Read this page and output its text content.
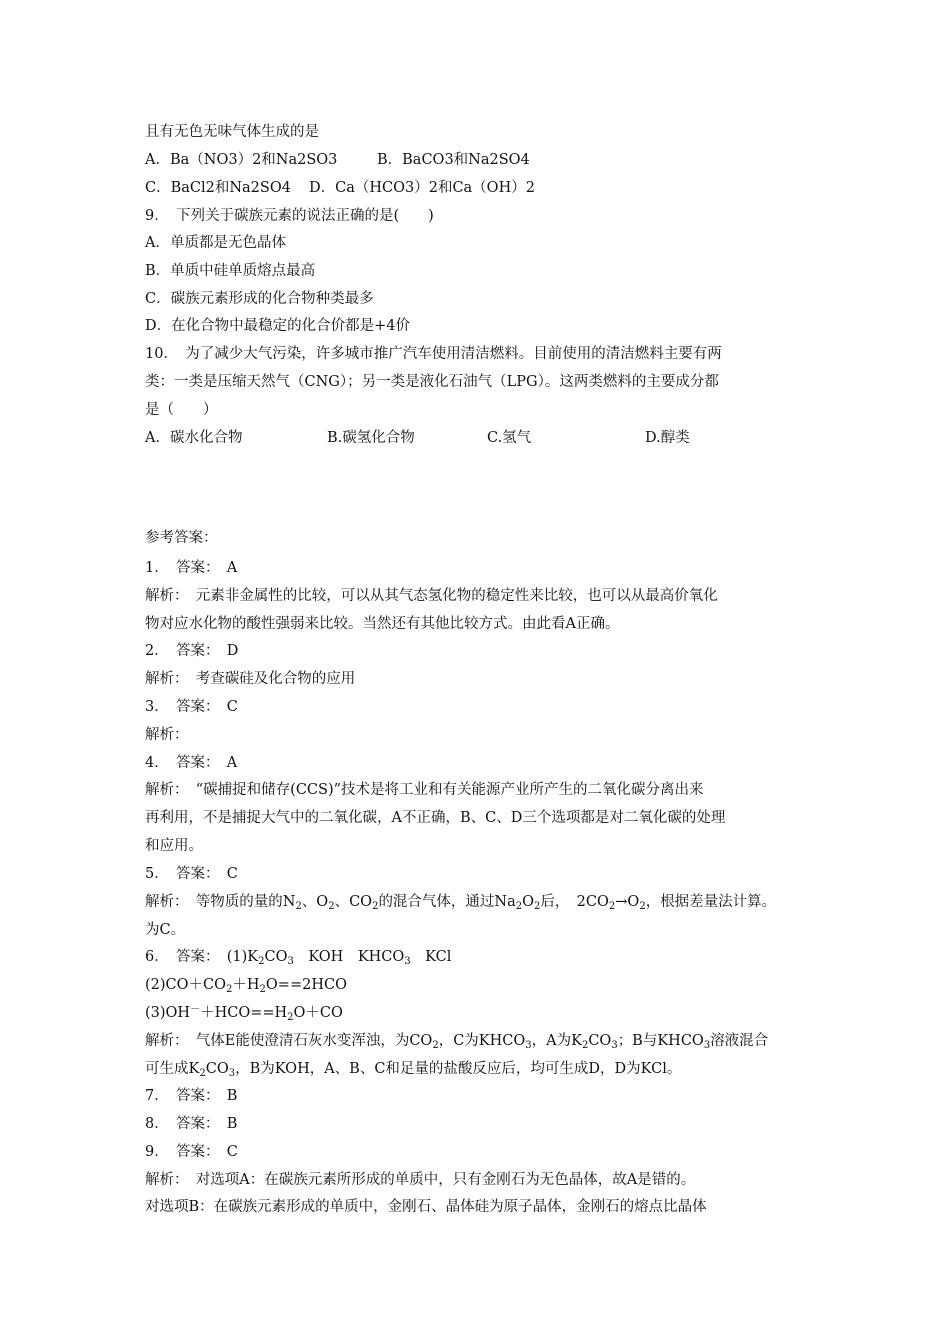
且有无色无味气体生成的是
A．Ba（NO3）2和Na2SO3	B．BaCO3和Na2SO4
C．BaCl2和Na2SO4 D．Ca（HCO3）2和Ca（OH）2
9．　下列关于碳族元素的说法正确的是(　　)
A．单质都是无色晶体
B．单质中硅单质熔点最高
C．碳族元素形成的化合物种类最多
D．在化合物中最稳定的化合价都是+4价
10．　为了减少大气污染，许多城市推广汽车使用清洁燃料。目前使用的清洁燃料主要有两
类：一类是压缩天然气（CNG）；另一类是液化石油气（LPG）。这两类燃料的主要成分都
是（　　）
A．碳水化合物	B.碳氢化合物	C.氢气	D.醇类
参考答案：
1．　答案：　A
解析：　元素非金属性的比较，可以从其气态氢化物的稳定性来比较，也可以从最高价氧化
物对应水化物的酸性强弱来比较。当然还有其他比较方式。由此看A正确。
2．　答案：　D
解析：　考查碳硅及化合物的应用
3．　答案：　C
解析：
4．　答案：　A
解析：　“碳捕捉和储存(CCS)”技术是将工业和有关能源产业所产生的二氧化碳分离出来
再利用，不是捕捉大气中的二氧化碳，A不正确，B、C、D三个选项都是对二氧化碳的处理
和应用。
5．　答案：　C
解析：　等物质的量的$N_2$、$O_2$、$CO_2$的混合气体，通过$Na_2O_2$后，　$2CO_2\to O_2$，根据差量法计算。
为C。
6．　答案：　$(1)K_2CO_3$　KOH　$KHCO_3$　KCl
$(2)CO+CO_2+H_2O==2HCO$
$(3)OH^-+HCO==H_2O+CO$
解析：　气体E能使澄清石灰水变浑浊，为$CO_2$，C为$KHCO_3$，A为$K_2CO_3$；B与$KHCO_3$溶液混合
可生成$K_2CO_3$，B为KOH，A、B、C和足量的盐酸反应后，均可生成D，D为KCl。
7．　答案：　B
8．　答案：　B
9．　答案：　C
解析：　对选项A：在碳族元素所形成的单质中，只有金刚石为无色晶体，故A是错的。
对选项B：在碳族元素形成的单质中，金刚石、晶体硅为原子晶体，金刚石的熔点比晶体
